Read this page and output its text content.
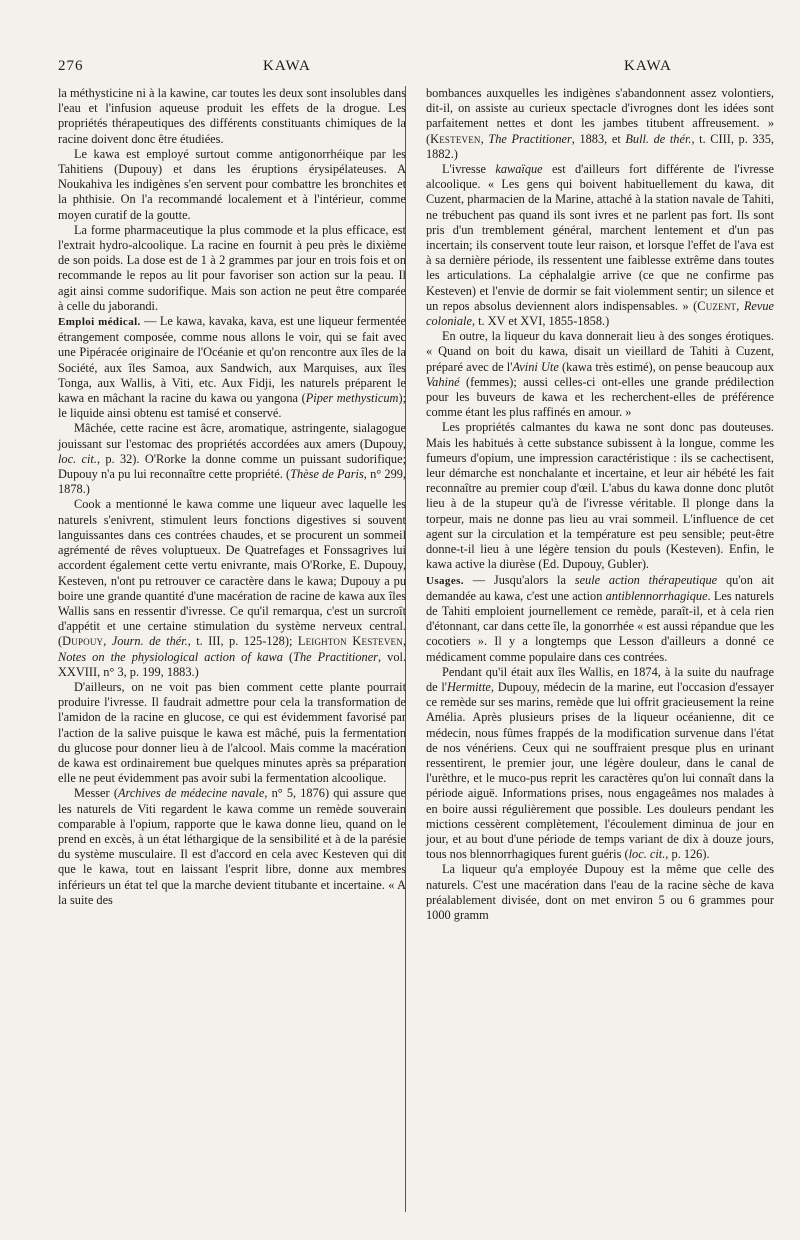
276	KAWA	KAWA

la méthysticine ni à la kawine, car toutes les deux sont insolubles dans l'eau et l'infusion aqueuse produit les effets de la drogue. Les propriétés thérapeutiques des différents constituants chimiques de la racine doivent donc être étudiées.

Le kawa est employé surtout comme antigonorrhéique par les Tahitiens (Dupouy) et dans les éruptions érysipélateuses. A Noukahiva les indigènes s'en servent pour combattre les bronchites et la phthisie. On l'a recommandé localement et à l'intérieur, comme moyen curatif de la goutte.

La forme pharmaceutique la plus commode et la plus efficace, est l'extrait hydro-alcoolique. La racine en fournit à peu près le dixième de son poids. La dose est de 1 à 2 grammes par jour en trois fois et on recommande le repos au lit pour favoriser son action sur la peau. Il agit ainsi comme sudorifique. Mais son action ne peut être comparée à celle du jaborandi.

Emploi médical. — Le kawa, kavaka, kava, est une liqueur fermentée étrangement composée, comme nous allons le voir, qui se fait avec une Pipéracée originaire de l'Océanie et qu'on rencontre aux îles de la Société, aux îles Samoa, aux Sandwich, aux Marquises, aux îles Tonga, aux Wallis, à Viti, etc. Aux Fidji, les naturels préparent le kawa en mâchant la racine du kawa ou yangona (Piper methysticum); le liquide ainsi obtenu est tamisé et conservé.

Mâchée, cette racine est âcre, aromatique, astringente, sialagogue jouissant sur l'estomac des propriétés accordées aux amers (Dupouy, loc. cit., p. 32). O'Rorke la donne comme un puissant sudorifique; Dupouy n'a pu lui reconnaître cette propriété. (Thèse de Paris, n° 299, 1878.)

Cook a mentionné le kawa comme une liqueur avec laquelle les naturels s'enivrent, stimulent leurs fonctions digestives si souvent languissantes dans ces contrées chaudes, et se procurent un sommeil agrémenté de rêves voluptueux. De Quatrefages et Fonssagrives lui accordent également cette vertu enivrante, mais O'Rorke, E. Dupouy, Kesteven, n'ont pu retrouver ce caractère dans le kawa; Dupouy a pu boire une grande quantité d'une macération de racine de kawa aux îles Wallis sans en ressentir d'ivresse. Ce qu'il remarqua, c'est un surcroît d'appétit et une certaine stimulation du système nerveux central. (Dupouy, Journ. de thér., t. III, p. 125-128); Leighton Kesteven, Notes on the physiological action of kawa (The Practitioner, vol. XXVIII, n° 3, p. 199, 1883.)

D'ailleurs, on ne voit pas bien comment cette plante pourrait produire l'ivresse. Il faudrait admettre pour cela la transformation de l'amidon de la racine en glucose, ce qui est évidemment favorisé par l'action de la salive puisque le kawa est mâché, puis la fermentation du glucose pour donner lieu à de l'alcool. Mais comme la macération de kawa est ordinairement bue quelques minutes après sa préparation elle ne peut évidemment pas avoir subi la fermentation alcoolique.

Messer (Archives de médecine navale, n° 5, 1876) qui assure que les naturels de Viti regardent le kawa comme un remède souverain comparable à l'opium, rapporte que le kawa donne lieu, quand on le prend en excès, à un état léthargique de la sensibilité et à de la parésie du système musculaire. Il est d'accord en cela avec Kesteven qui dit que le kawa, tout en laissant l'esprit libre, donne aux membres inférieurs un état tel que la marche devient titubante et incertaine. « A la suite des

bombances auxquelles les indigènes s'abandonnent assez volontiers, dit-il, on assiste au curieux spectacle d'ivrognes dont les idées sont parfaitement nettes et dont les jambes titubent affreusement. » (Kesteven, The Practitioner, 1883, et Bull. de thér., t. CIII, p. 335, 1882.)

L'ivresse kawaïque est d'ailleurs fort différente de l'ivresse alcoolique. « Les gens qui boivent habituellement du kawa, dit Cuzent, pharmacien de la Marine, attaché à la station navale de Tahiti, ne trébuchent pas quand ils sont ivres et ne parlent pas fort. Ils sont pris d'un tremblement général, marchent lentement et d'un pas incertain; ils conservent toute leur raison, et lorsque l'effet de l'ava est à sa dernière période, ils ressentent une faiblesse extrême dans toutes les articulations. La céphalalgie arrive (ce que ne confirme pas Kesteven) et l'envie de dormir se fait violemment sentir; un silence et un repos absolus deviennent alors indispensables. » (Cuzent, Revue coloniale, t. XV et XVI, 1855-1858.)

En outre, la liqueur du kava donnerait lieu à des songes érotiques. « Quand on boit du kawa, disait un vieillard de Tahiti à Cuzent, préparé avec de l'Avini Ute (kawa très estimé), on pense beaucoup aux Vahiné (femmes); aussi celles-ci ont-elles une grande prédilection pour les buveurs de kawa et les recherchent-elles de préférence comme étant les plus raffinés en amour. »

Les propriétés calmantes du kawa ne sont donc pas douteuses. Mais les habitués à cette substance subissent à la longue, comme les fumeurs d'opium, une impression caractéristique : ils se cachectisent, leur démarche est nonchalante et incertaine, et leur air hébété les fait reconnaître au premier coup d'œil. L'abus du kawa donne donc plutôt lieu à de la stupeur qu'à de l'ivresse véritable. Il plonge dans la torpeur, mais ne donne pas lieu au vrai sommeil. L'influence de cet agent sur la circulation et la température est peu sensible; peut-être donne-t-il lieu à une légère tension du pouls (Kesteven). Enfin, le kawa active la diurèse (Ed. Dupouy, Gubler).

Usages. — Jusqu'alors la seule action thérapeutique qu'on ait demandée au kawa, c'est une action antiblennorrhagique. Les naturels de Tahiti emploient journellement ce remède, paraît-il, et à cela rien d'étonnant, car dans cette île, la gonorrhée « est aussi répandue que les cocotiers ». Il y a longtemps que Lesson d'ailleurs a donné ce médicament comme populaire dans ces contrées.

Pendant qu'il était aux îles Wallis, en 1874, à la suite du naufrage de l'Hermitte, Dupouy, médecin de la marine, eut l'occasion d'essayer ce remède sur ses marins, remède que lui offrit gracieusement la reine Amélia. Après plusieurs prises de la liqueur océanienne, dit ce médecin, nous fûmes frappés de la modification survenue dans l'état de nos vénériens. Ceux qui ne souffraient presque plus en urinant ressentirent, le premier jour, une légère douleur, dans le canal de l'urèthre, et le muco-pus reprit les caractères qu'on lui connaît dans la période aiguë. Informations prises, nous engageâmes nos malades à en boire aussi régulièrement que possible. Les douleurs pendant les mictions cessèrent complètement, l'écoulement diminua de jour en jour, et au bout d'une période de temps variant de dix à douze jours, tous nos blennorrhagiques furent guéris (loc. cit., p. 126).

La liqueur qu'a employée Dupouy est la même que celle des naturels. C'est une macération dans l'eau de la racine sèche de kava préalablement divisée, dont on met environ 5 ou 6 grammes pour 1000 gramm
